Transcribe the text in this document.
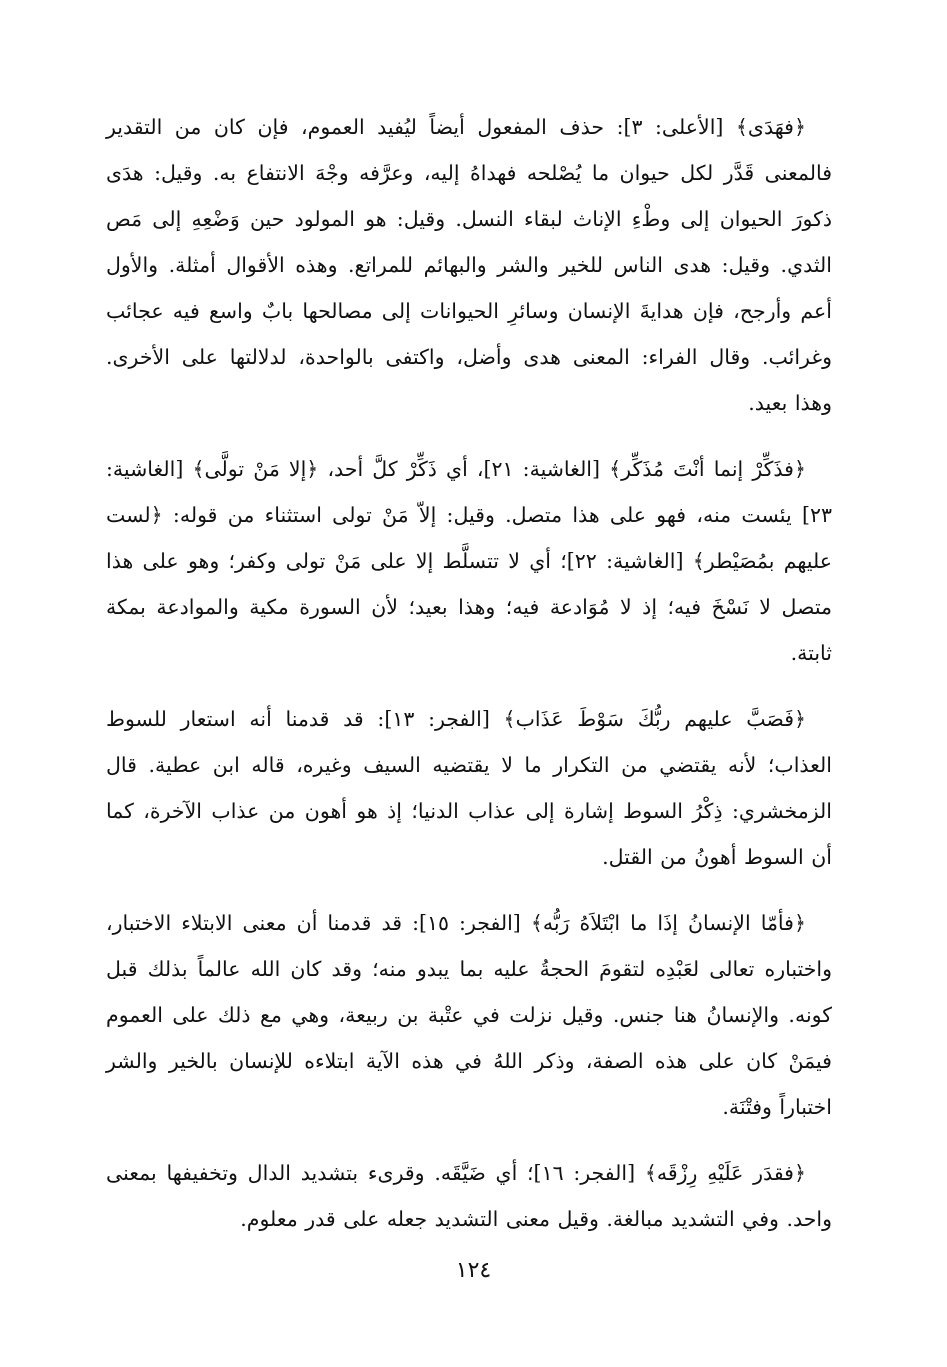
﴿فهَدَى﴾ [الأعلى: ٣]: حذف المفعول أيضاً ليُفيد العموم، فإن كان من التقدير فالمعنى قَدَّر لكل حيوان ما يُصْلحه فهداهُ إليه، وعرَّفه وجْهَ الانتفاع به. وقيل: هدَى ذكورَ الحيوان إلى وطْءِ الإناث لبقاء النسل. وقيل: هو المولود حين وَضْعِهِ إلى مَص الثدي. وقيل: هدى الناس للخير والشر والبهائم للمراتع. وهذه الأقوال أمثلة. والأول أعم وأرجح، فإن هدايةَ الإنسان وسائرِ الحيوانات إلى مصالحها بابٌ واسع فيه عجائب وغرائب. وقال الفراء: المعنى هدى وأضل، واكتفى بالواحدة، لدلالتها على الأخرى. وهذا بعيد.

﴿فذَكِّرْ إنما أنْتَ مُذَكِّر﴾ [الغاشية: ٢١]، أي ذَكِّرْ كلَّ أحد، ﴿إلا مَنْ تولَّى﴾ [الغاشية: ٢٣] يئست منه، فهو على هذا متصل. وقيل: إلاّ مَنْ تولى استثناء من قوله: ﴿لست عليهم بمُصَيْطر﴾ [الغاشية: ٢٢]؛ أي لا تتسلَّط إلا على مَنْ تولى وكفر؛ وهو على هذا متصل لا نَسْخَ فيه؛ إذ لا مُوَادعة فيه؛ وهذا بعيد؛ لأن السورة مكية والموادعة بمكة ثابتة.

﴿فَصَبَّ عليهم ربُّكَ سَوْطَ عَذَاب﴾ [الفجر: ١٣]: قد قدمنا أنه استعار للسوط العذاب؛ لأنه يقتضي من التكرار ما لا يقتضيه السيف وغيره، قاله ابن عطية. قال الزمخشري: ذِكْرُ السوط إشارة إلى عذاب الدنيا؛ إذ هو أهون من عذاب الآخرة، كما أن السوط أهونُ من القتل.

﴿فأمّا الإنسانُ إذَا ما ابْتَلاَهُ رَبُّه﴾ [الفجر: ١٥]: قد قدمنا أن معنى الابتلاء الاختبار، واختباره تعالى لعَبْدِه لتقومَ الحجةُ عليه بما يبدو منه؛ وقد كان الله عالماً بذلك قبل كونه. والإنسانُ هنا جنس. وقيل نزلت في عتْبة بن ربيعة، وهي مع ذلك على العموم فيمَنْ كان على هذه الصفة، وذكر اللهُ في هذه الآية ابتلاءه للإنسان بالخير والشر اختباراً وفتْنَة.

﴿فقدَر عَلَيْهِ رِزْقَه﴾ [الفجر: ١٦]؛ أي ضَيَّقَه. وقرىء بتشديد الدال وتخفيفها بمعنى واحد. وفي التشديد مبالغة. وقيل معنى التشديد جعله على قدر معلوم.

١٢٤
